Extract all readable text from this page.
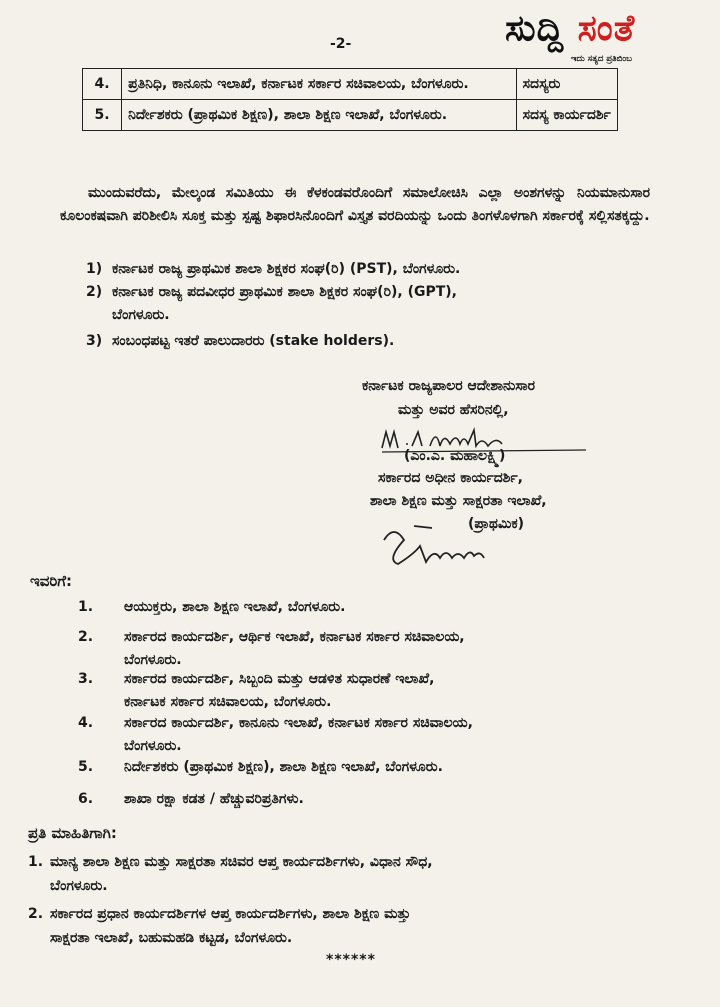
-2-	ಸುದ್ದಿ ಸಂತೆ
ಇದು ಸತ್ಯದ ಪ್ರತಿಬಿಂಬ
4.	ಪ್ರತಿನಿಧಿ, ಕಾನೂನು ಇಲಾಖೆ, ಕರ್ನಾಟಕ ಸರ್ಕಾರ ಸಚಿವಾಲಯ, ಬೆಂಗಳೂರು.	ಸದಸ್ಯರು
5.	ನಿರ್ದೇಶಕರು (ಪ್ರಾಥಮಿಕ ಶಿಕ್ಷಣ), ಶಾಲಾ ಶಿಕ್ಷಣ ಇಲಾಖೆ, ಬೆಂಗಳೂರು.	ಸದಸ್ಯ ಕಾರ್ಯದರ್ಶಿ
ಮುಂದುವರೆದು, ಮೇಲ್ಕಂಡ ಸಮಿತಿಯು ಈ ಕೆಳಕಂಡವರೊಂದಿಗೆ ಸಮಾಲೋಚಿಸಿ ಎಲ್ಲಾ ಅಂಶಗಳನ್ನು ನಿಯಮಾನುಸಾರ ಕೂಲಂಕಷವಾಗಿ ಪರಿಶೀಲಿಸಿ ಸೂಕ್ತ ಮತ್ತು ಸ್ಪಷ್ಟ ಶಿಫಾರಸಿನೊಂದಿಗೆ ವಿಸ್ತೃತ ವರದಿಯನ್ನು ಒಂದು ತಿಂಗಳೊಳಗಾಗಿ ಸರ್ಕಾರಕ್ಕೆ ಸಲ್ಲಿಸತಕ್ಕದ್ದು.
1) ಕರ್ನಾಟಕ ರಾಜ್ಯ ಪ್ರಾಥಮಿಕ ಶಾಲಾ ಶಿಕ್ಷಕರ ಸಂಘ(ರಿ) (PST), ಬೆಂಗಳೂರು.
2) ಕರ್ನಾಟಕ ರಾಜ್ಯ ಪದವೀಧರ ಪ್ರಾಥಮಿಕ ಶಾಲಾ ಶಿಕ್ಷಕರ ಸಂಘ(ರಿ), (GPT),
ಬೆಂಗಳೂರು.
3) ಸಂಬಂಧಪಟ್ಟ ಇತರೆ ಪಾಲುದಾರರು (stake holders).
ಕರ್ನಾಟಕ ರಾಜ್ಯಪಾಲರ ಆದೇಶಾನುಸಾರ
ಮತ್ತು ಅವರ ಹೆಸರಿನಲ್ಲಿ,
(ಎಂ.ಎ. ಮಹಾಲಕ್ಷ್ಮಿ)
ಸರ್ಕಾರದ ಅಧೀನ ಕಾರ್ಯದರ್ಶಿ,
ಶಾಲಾ ಶಿಕ್ಷಣ ಮತ್ತು ಸಾಕ್ಷರತಾ ಇಲಾಖೆ,
(ಪ್ರಾಥಮಿಕ)
ಇವರಿಗೆ:
1. ಆಯುಕ್ತರು, ಶಾಲಾ ಶಿಕ್ಷಣ ಇಲಾಖೆ, ಬೆಂಗಳೂರು.
2. ಸರ್ಕಾರದ ಕಾರ್ಯದರ್ಶಿ, ಆರ್ಥಿಕ ಇಲಾಖೆ, ಕರ್ನಾಟಕ ಸರ್ಕಾರ ಸಚಿವಾಲಯ,
ಬೆಂಗಳೂರು.
3. ಸರ್ಕಾರದ ಕಾರ್ಯದರ್ಶಿ, ಸಿಬ್ಬಂದಿ ಮತ್ತು ಆಡಳಿತ ಸುಧಾರಣೆ ಇಲಾಖೆ,
ಕರ್ನಾಟಕ ಸರ್ಕಾರ ಸಚಿವಾಲಯ, ಬೆಂಗಳೂರು.
4. ಸರ್ಕಾರದ ಕಾರ್ಯದರ್ಶಿ, ಕಾನೂನು ಇಲಾಖೆ, ಕರ್ನಾಟಕ ಸರ್ಕಾರ ಸಚಿವಾಲಯ,
ಬೆಂಗಳೂರು.
5. ನಿರ್ದೇಶಕರು (ಪ್ರಾಥಮಿಕ ಶಿಕ್ಷಣ), ಶಾಲಾ ಶಿಕ್ಷಣ ಇಲಾಖೆ, ಬೆಂಗಳೂರು.
6. ಶಾಖಾ ರಕ್ಷಾ ಕಡತ / ಹೆಚ್ಚುವರಿಪ್ರತಿಗಳು.
ಪ್ರತಿ ಮಾಹಿತಿಗಾಗಿ:
1. ಮಾನ್ಯ ಶಾಲಾ ಶಿಕ್ಷಣ ಮತ್ತು ಸಾಕ್ಷರತಾ ಸಚಿವರ ಆಪ್ತ ಕಾರ್ಯದರ್ಶಿಗಳು, ವಿಧಾನ ಸೌಧ,
ಬೆಂಗಳೂರು.
2. ಸರ್ಕಾರದ ಪ್ರಧಾನ ಕಾರ್ಯದರ್ಶಿಗಳ ಆಪ್ತ ಕಾರ್ಯದರ್ಶಿಗಳು, ಶಾಲಾ ಶಿಕ್ಷಣ ಮತ್ತು
ಸಾಕ್ಷರತಾ ಇಲಾಖೆ, ಬಹುಮಹಡಿ ಕಟ್ಟಡ, ಬೆಂಗಳೂರು.
******
